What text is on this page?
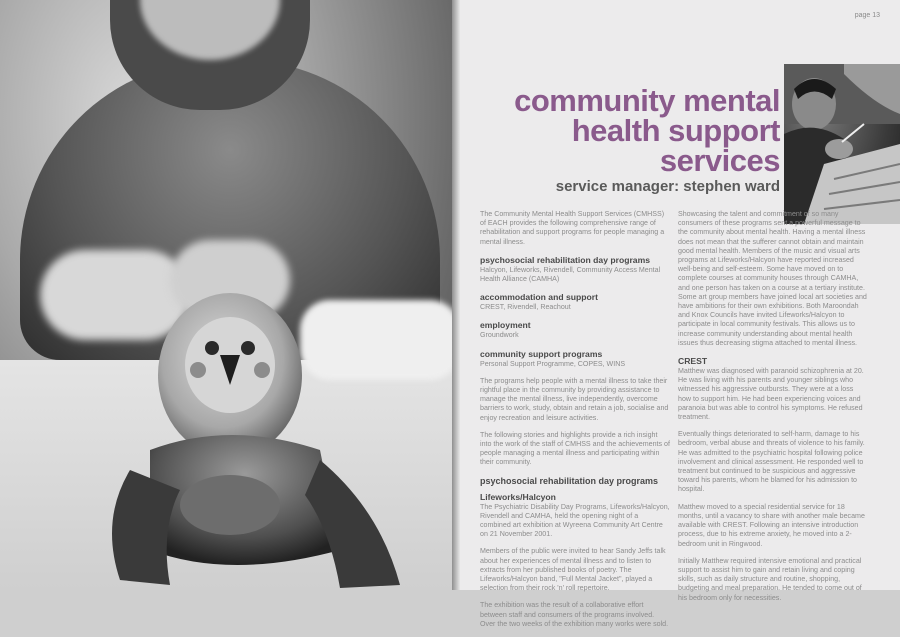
page 13
community mental
health support
services
service manager: stephen ward

The Community Mental Health Support Services (CMHSS) of EACH provides the following comprehensive range of rehabilitation and support programs for people managing a mental illness.

psychosocial rehabilitation day programs

Halcyon, Lifeworks, Rivendell, Community Access Mental Health Alliance (CAMHA)

accommodation and support

CREST, Rivendell, Reachout

employment

Groundwork

community support programs

Personal Support Programme, COPES, WINS

The programs help people with a mental illness to take their rightful place in the community by providing assistance to manage the mental illness, live independently, overcome barriers to work, study, obtain and retain a job, socialise and enjoy recreation and leisure activities.

The following stories and highlights provide a rich insight into the work of the staff of CMHSS and the achievements of people managing a mental illness and participating within their community.

psychosocial rehabilitation day programs
Lifeworks/Halcyon

The Psychiatric Disability Day Programs, Lifeworks/Halcyon, Rivendell and CAMHA, held the opening night of a combined art exhibition at Wyreena Community Art Centre on 21 November 2001.

Members of the public were invited to hear Sandy Jeffs talk about her experiences of mental illness and to listen to extracts from her published books of poetry. The Lifeworks/Halcyon band, "Full Mental Jacket", played a selection from their rock 'n' roll repertoire.

The exhibition was the result of a collaborative effort between staff and consumers of the programs involved. Over the two weeks of the exhibition many works were sold.

Showcasing the talent and commitment of so many consumers of these programs sent a powerful message to the community about mental health. Having a mental illness does not mean that the sufferer cannot obtain and maintain good mental health. Members of the music and visual arts programs at Lifeworks/Halcyon have reported increased well-being and self-esteem. Some have moved on to complete courses at community houses through CAMHA, and one person has taken on a course at a tertiary institute. Some art group members have joined local art societies and have ambitions for their own exhibitions. Both Maroondah and Knox Councils have invited Lifeworks/Halcyon to participate in local community festivals. This allows us to increase community understanding about mental health issues thus decreasing stigma attached to mental illness.

CREST

Matthew was diagnosed with paranoid schizophrenia at 20. He was living with his parents and younger siblings who witnessed his aggressive outbursts. They were at a loss how to support him. He had been experiencing voices and paranoia but was able to control his symptoms. He refused treatment.

Eventually things deteriorated to self-harm, damage to his bedroom, verbal abuse and threats of violence to his family. He was admitted to the psychiatric hospital following police involvement and clinical assessment. He responded well to treatment but continued to be suspicious and aggressive toward his parents, whom he blamed for his admission to hospital.

Matthew moved to a special residential service for 18 months, until a vacancy to share with another male became available with CREST. Following an intensive introduction process, due to his extreme anxiety, he moved into a 2-bedroom unit in Ringwood.

Initially Matthew required intensive emotional and practical support to assist him to gain and retain living and coping skills, such as daily structure and routine, shopping, budgeting and meal preparation. He tended to come out of his bedroom only for necessities.
